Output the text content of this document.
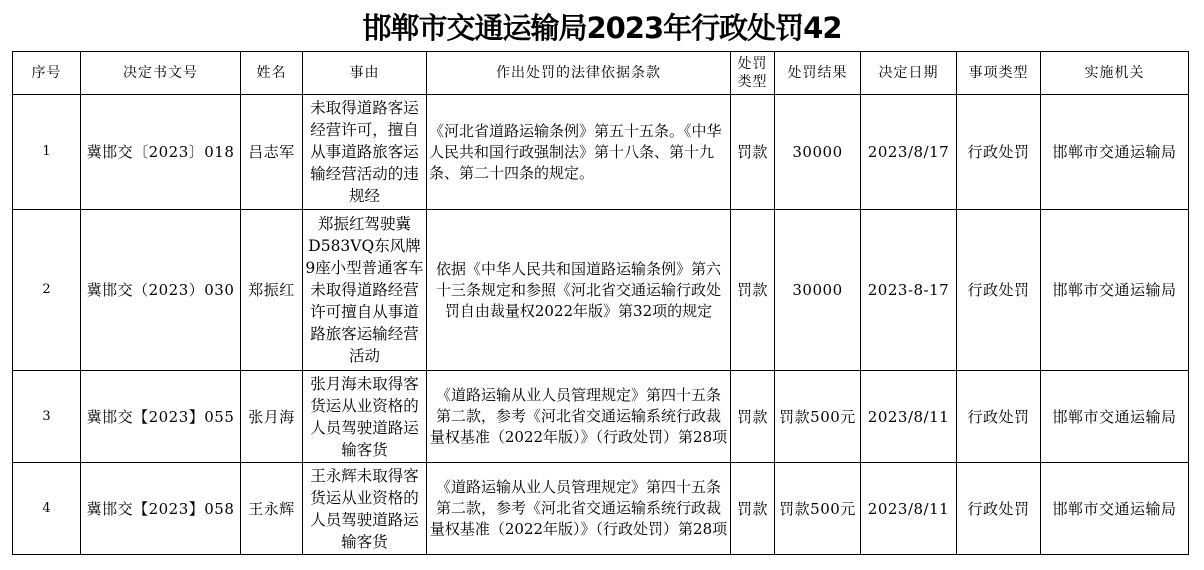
邯郸市交通运输局2023年行政处罚42
序号	决定书文号	姓名	事由	作出处罚的法律依据条款	处罚类型	处罚结果	决定日期	事项类型	实施机关
1	冀邯交〔2023〕018	吕志军	未取得道路客运经营许可，擅自从事道路旅客运输经营活动的违规经	《河北省道路运输条例》第五十五条。《中华人民共和国行政强制法》第十八条、第十九条、第二十四条的规定。	罚款	30000	2023/8/17	行政处罚	邯郸市交通运输局
2	冀邯交（2023）030	郑振红	郑振红驾驶冀D583VQ东风牌9座小型普通客车未取得道路经营许可擅自从事道路旅客运输经营活动	依据《中华人民共和国道路运输条例》第六十三条规定和参照《河北省交通运输行政处罚自由裁量权2022年版》第32项的规定	罚款	30000	2023-8-17	行政处罚	邯郸市交通运输局
3	冀邯交【2023】055	张月海	张月海未取得客货运从业资格的人员驾驶道路运输客货	《道路运输从业人员管理规定》第四十五条第二款，参考《河北省交通运输系统行政裁量权基准（2022年版）》（行政处罚）第28项	罚款	罚款500元	2023/8/11	行政处罚	邯郸市交通运输局
4	冀邯交【2023】058	王永辉	王永辉未取得客货运从业资格的人员驾驶道路运输客货	《道路运输从业人员管理规定》第四十五条第二款，参考《河北省交通运输系统行政裁量权基准（2022年版）》（行政处罚）第28项	罚款	罚款500元	2023/8/11	行政处罚	邯郸市交通运输局
